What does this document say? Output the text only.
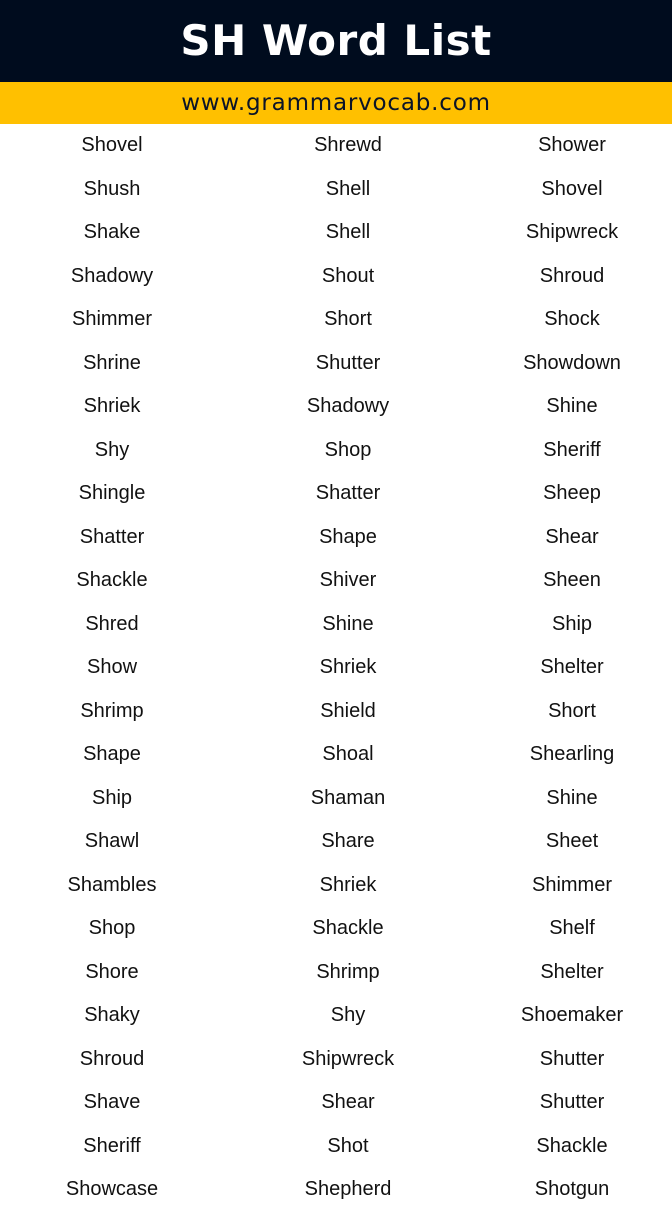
SH Word List
www.grammarvocab.com
Shovel
Shush
Shake
Shadowy
Shimmer
Shrine
Shriek
Shy
Shingle
Shatter
Shackle
Shred
Show
Shrimp
Shape
Ship
Shawl
Shambles
Shop
Shore
Shaky
Shroud
Shave
Sheriff
Showcase
Shrewd
Shell
Shell
Shout
Short
Shutter
Shadowy
Shop
Shatter
Shape
Shiver
Shine
Shriek
Shield
Shoal
Shaman
Share
Shriek
Shackle
Shrimp
Shy
Shipwreck
Shear
Shot
Shepherd
Shower
Shovel
Shipwreck
Shroud
Shock
Showdown
Shine
Sheriff
Sheep
Shear
Sheen
Ship
Shelter
Short
Shearling
Shine
Sheet
Shimmer
Shelf
Shelter
Shoemaker
Shutter
Shutter
Shackle
Shotgun
